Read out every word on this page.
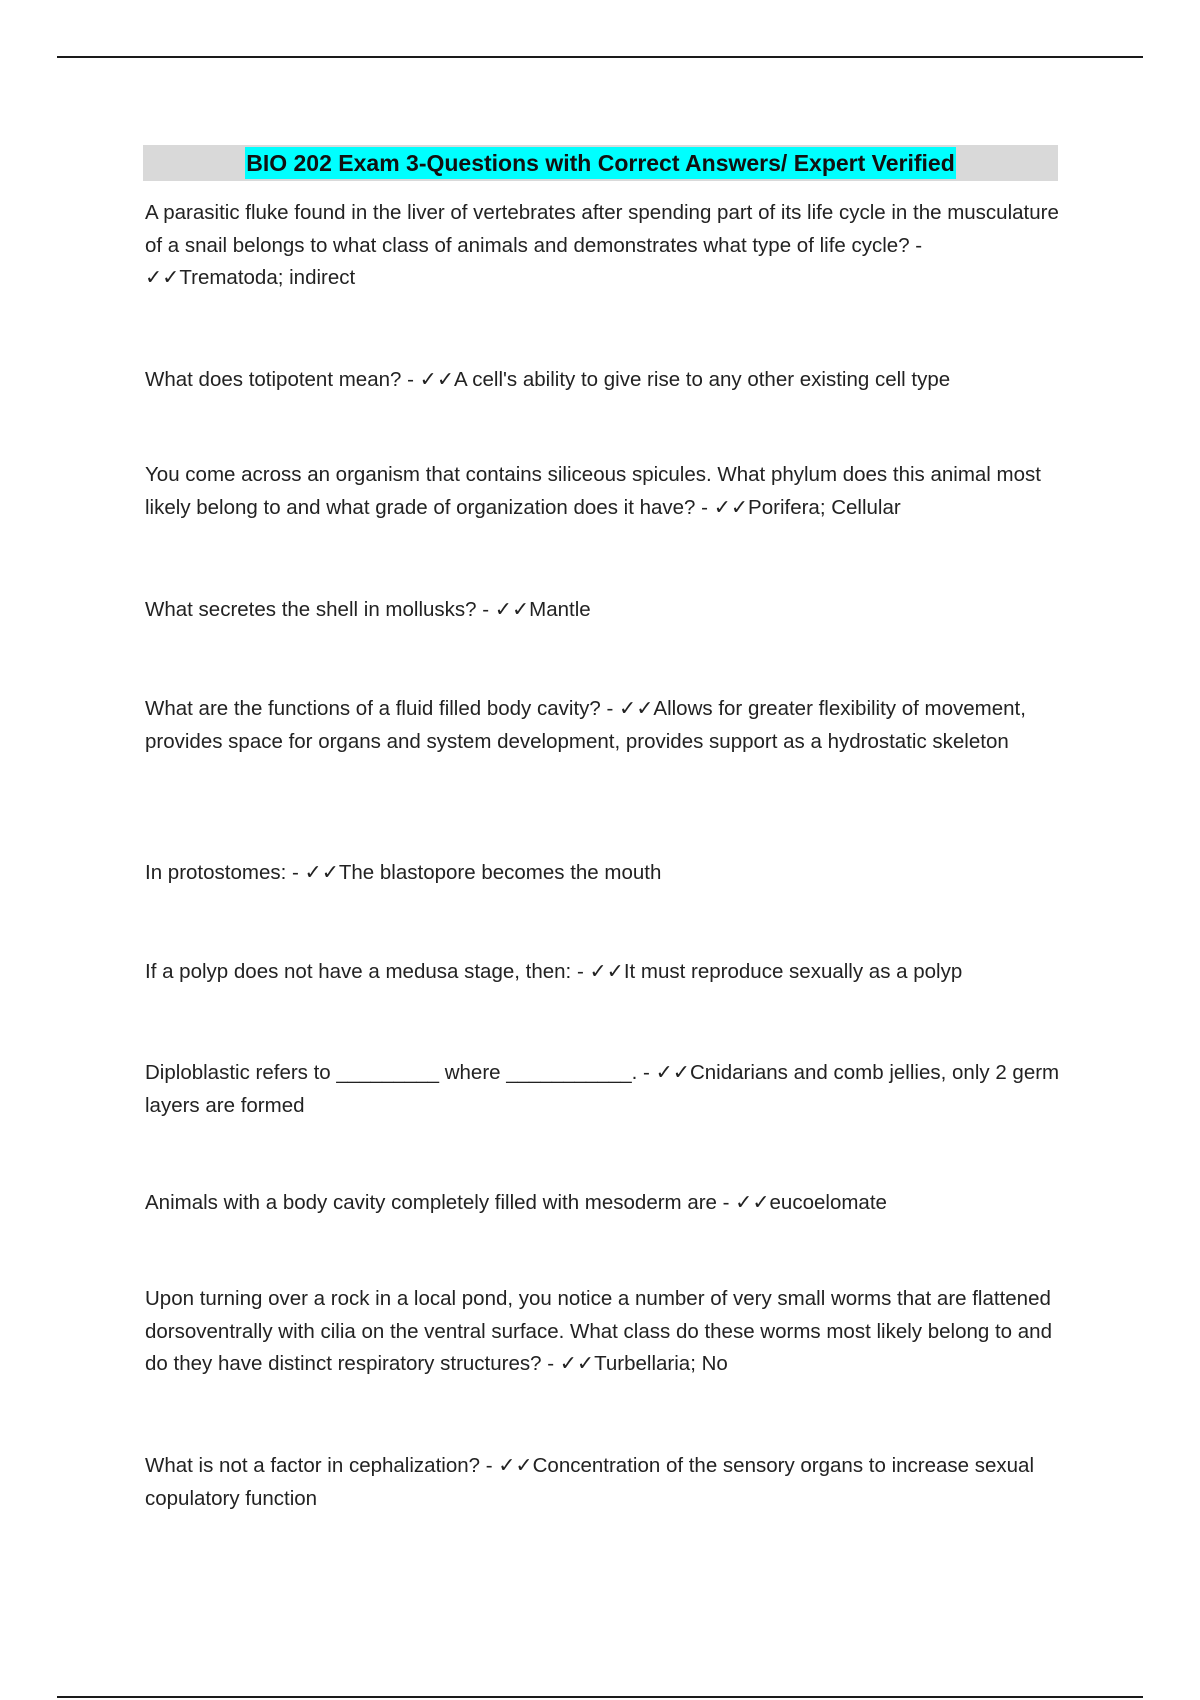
BIO 202 Exam 3-Questions with Correct Answers/ Expert Verified

A parasitic fluke found in the liver of vertebrates after spending part of its life cycle in the musculature of a snail belongs to what class of animals and demonstrates what type of life cycle? - ✓✓Trematoda; indirect

What does totipotent mean? - ✓✓A cell's ability to give rise to any other existing cell type

You come across an organism that contains siliceous spicules. What phylum does this animal most likely belong to and what grade of organization does it have? - ✓✓Porifera; Cellular

What secretes the shell in mollusks? - ✓✓Mantle

What are the functions of a fluid filled body cavity? - ✓✓Allows for greater flexibility of movement, provides space for organs and system development, provides support as a hydrostatic skeleton

In protostomes: - ✓✓The blastopore becomes the mouth

If a polyp does not have a medusa stage, then: - ✓✓It must reproduce sexually as a polyp

Diploblastic refers to _________ where ___________. - ✓✓Cnidarians and comb jellies, only 2 germ layers are formed

Animals with a body cavity completely filled with mesoderm are - ✓✓eucoelomate

Upon turning over a rock in a local pond, you notice a number of very small worms that are flattened dorsoventrally with cilia on the ventral surface. What class do these worms most likely belong to and do they have distinct respiratory structures? - ✓✓Turbellaria; No

What is not a factor in cephalization? - ✓✓Concentration of the sensory organs to increase sexual copulatory function
